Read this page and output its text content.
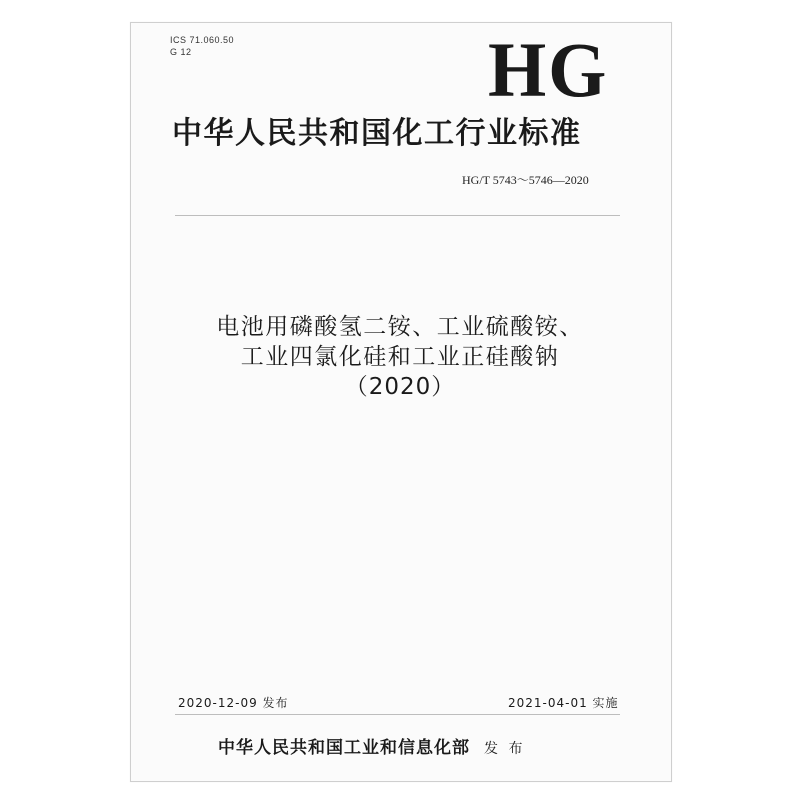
ICS 71.060.50
G 12	HG
中华人民共和国化工行业标准
HG/T 5743～5746—2020
电池用磷酸氢二铵、工业硫酸铵、
工业四氯化硅和工业正硅酸钠
（2020）
2020-12-09 发布	2021-04-01 实施
中华人民共和国工业和信息化部 发 布
